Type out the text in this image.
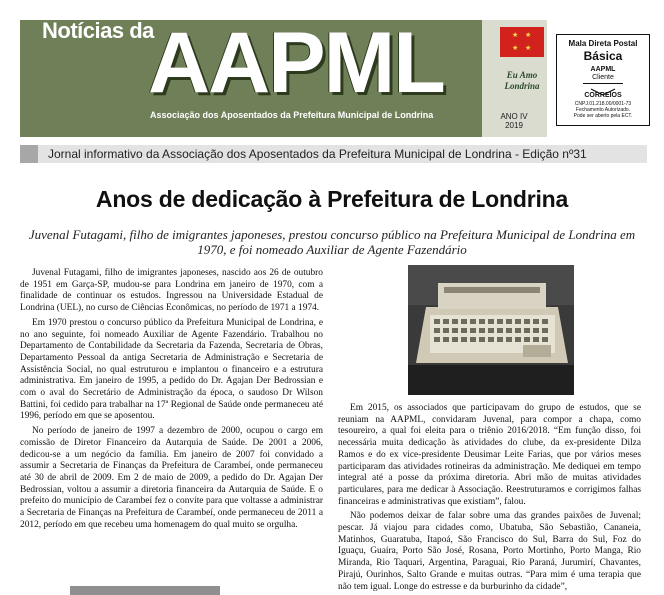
Notícias da
AAPML
Associação dos Aposentados da Prefeitura Municipal de Londrina
★ ★
★ ★
Eu Amo Londrina
ANO IV
2019
Mala Direta Postal
Básica
AAPML
Cliente
CORREIOS
CNPJ.01.218.00/0001-73
Fechamento Autorizado.
Pode ser aberto pela ECT.
Jornal informativo da Associação dos Aposentados da Prefeitura Municipal de Londrina - Edição nº31
Anos de dedicação à Prefeitura de Londrina
Juvenal Futagami, filho de imigrantes japoneses, prestou concurso público na Prefeitura Municipal de Londrina em 1970, e foi nomeado Auxiliar de Agente Fazendário

Juvenal Futagami, filho de imigrantes japoneses, nascido aos 26 de outubro de 1951 em Garça-SP, mudou-se para Londrina em janeiro de 1970, com a finalidade de continuar os estudos. Ingressou na Universidade Estadual de Londrina (UEL), no curso de Ciências Econômicas, no período de 1971 a 1974.

Em 1970 prestou o concurso público da Prefeitura Municipal de Londrina, e no ano seguinte, foi nomeado Auxiliar de Agente Fazendário. Trabalhou no Departamento de Contabilidade da Secretaria da Fazenda, Secretaria de Obras, Departamento Pessoal da antiga Secretaria de Administração e Secretaria de Assistência Social, no qual estruturou e implantou o financeiro e a estrutura administrativa. Em janeiro de 1995, a pedido do Dr. Agajan Der Bedrossian e com o aval do Secretário de Administração da época, o saudoso Dr Wilson Battini, foi cedido para trabalhar na 17ª Regional de Saúde onde permaneceu até 1996, período em que se aposentou.

No período de janeiro de 1997 a dezembro de 2000, ocupou o cargo em comissão de Diretor Financeiro da Autarquia de Saúde. De 2001 a 2006, dedicou-se a um negócio da família. Em janeiro de 2007 foi convidado a assumir a Secretaria de Finanças da Prefeitura de Carambeí, onde permaneceu até 30 de abril de 2009. Em 2 de maio de 2009, a pedido do Dr. Agajan Der Bedrossian, voltou a assumir a diretoria financeira da Autarquia de Saúde. E o prefeito do município de Carambeí fez o convite para que voltasse a administrar a Secretaria de Finanças na Prefeitura de Carambeí, onde permaneceu de 2011 a 2012, período em que recebeu uma homenagem do qual muito se orgulha.

Em 2015, os associados que participavam do grupo de estudos, que se reuniam na AAPML, convidaram Juvenal, para compor a chapa, como tesoureiro, a qual foi eleita para o triênio 2016/2018. “Em função disso, foi necessária muita dedicação às atividades do clube, da ex-presidente Dilza Ramos e do ex vice-presidente Deusimar Leite Farias, que por vários meses participaram das atividades rotineiras da administração. Me dediquei em tempo integral até a posse da próxima diretoria. Abri mão de muitas atividades particulares, para me dedicar à Associação. Reestruturamos e corrigimos falhas financeiras e administrativas que existiam”, falou.

Não podemos deixar de falar sobre uma das grandes paixões de Juvenal; pescar. Já viajou para cidades como, Ubatuba, São Sebastião, Cananeia, Matinhos, Guaratuba, Itapoá, São Francisco do Sul, Barra do Sul, Foz do Iguaçu, Guaíra, Porto São José, Rosana, Porto Mortinho, Porto Manga, Rio Miranda, Rio Taquari, Argentina, Paraguai, Rio Paraná, Jurumirí, Chavantes, Pirajú, Ourinhos, Salto Grande e muitas outras. “Para mim é uma terapia que não tem igual. Longe do estresse e da burburinho da cidade”,
